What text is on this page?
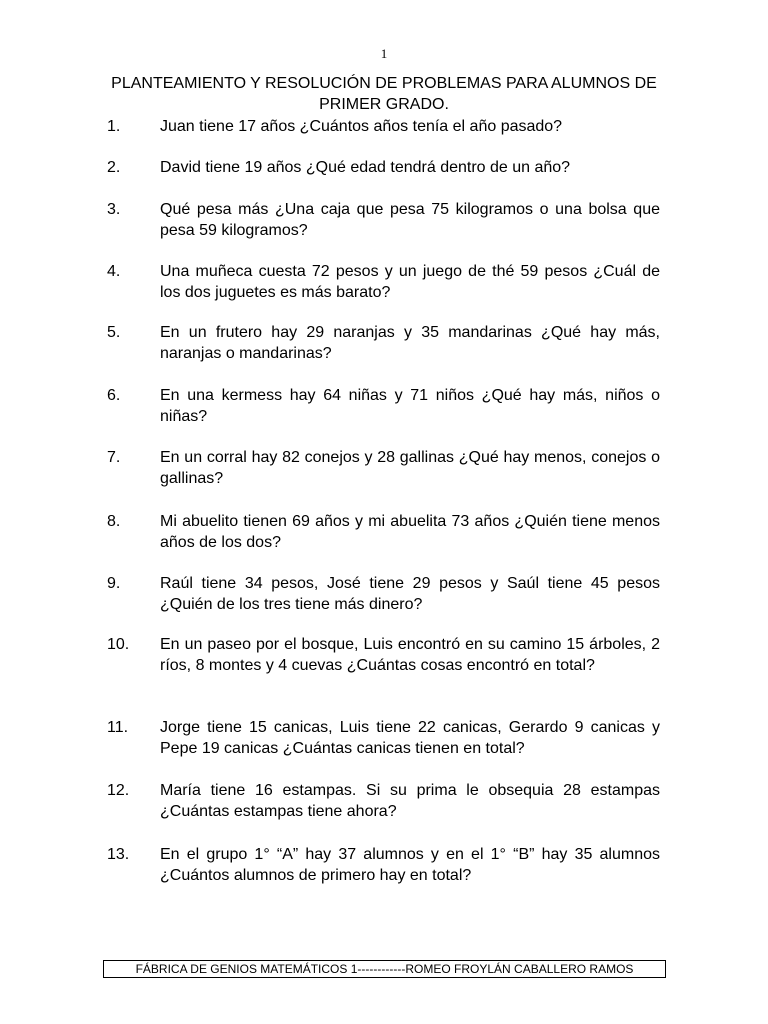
1
PLANTEAMIENTO Y RESOLUCIÓN DE PROBLEMAS PARA ALUMNOS DE PRIMER GRADO.
1. Juan tiene 17 años ¿Cuántos años tenía el año pasado?
2. David tiene 19 años ¿Qué edad tendrá dentro de un año?
3. Qué pesa más ¿Una caja que pesa 75 kilogramos o una bolsa que pesa 59 kilogramos?
4. Una muñeca cuesta 72 pesos y un juego de thé 59 pesos ¿Cuál de los dos juguetes es más barato?
5. En un frutero hay 29 naranjas y 35 mandarinas ¿Qué hay más, naranjas o mandarinas?
6. En una kermess hay 64 niñas y 71 niños ¿Qué hay más, niños o niñas?
7. En un corral hay 82 conejos y 28 gallinas ¿Qué hay menos, conejos o gallinas?
8. Mi abuelito tienen 69 años y mi abuelita 73 años ¿Quién tiene menos años de los dos?
9. Raúl tiene 34 pesos, José tiene 29 pesos y Saúl tiene 45 pesos ¿Quién de los tres tiene más dinero?
10. En un paseo por el bosque, Luis encontró en su camino 15 árboles, 2 ríos, 8 montes y 4 cuevas ¿Cuántas cosas encontró en total?
11. Jorge tiene 15 canicas, Luis tiene 22 canicas, Gerardo 9 canicas y Pepe 19 canicas ¿Cuántas canicas tienen en total?
12. María tiene 16 estampas. Si su prima le obsequia 28 estampas ¿Cuántas estampas tiene ahora?
13. En el grupo 1° “A” hay 37 alumnos y en el 1° “B” hay 35 alumnos ¿Cuántos alumnos de primero hay en total?
FÁBRICA DE GENIOS MATEMÁTICOS 1------------ROMEO FROYLÁN CABALLERO RAMOS
